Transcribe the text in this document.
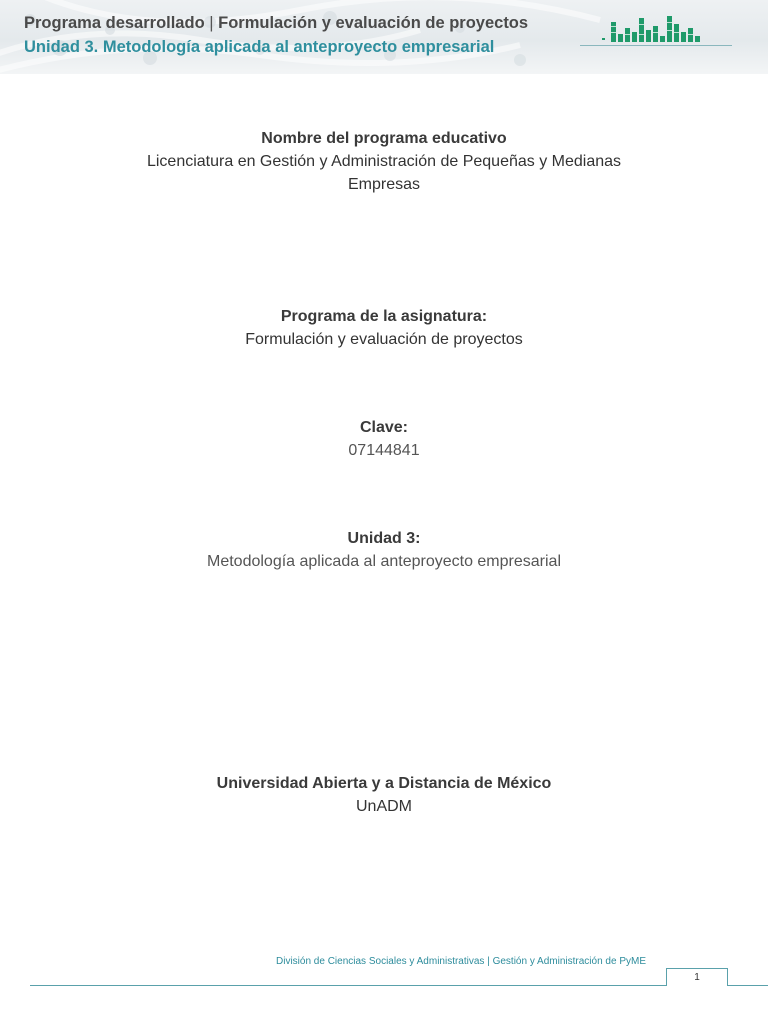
Programa desarrollado | Formulación y evaluación de proyectos
Unidad 3. Metodología aplicada al anteproyecto empresarial
Nombre del programa educativo
Licenciatura en Gestión y Administración de Pequeñas y Medianas
Empresas
Programa de la asignatura:
Formulación y evaluación de proyectos
Clave:
07144841
Unidad 3:
Metodología aplicada al anteproyecto empresarial
Universidad Abierta y a Distancia de México
UnADM
División de Ciencias Sociales y Administrativas | Gestión y Administración de PyME
1
